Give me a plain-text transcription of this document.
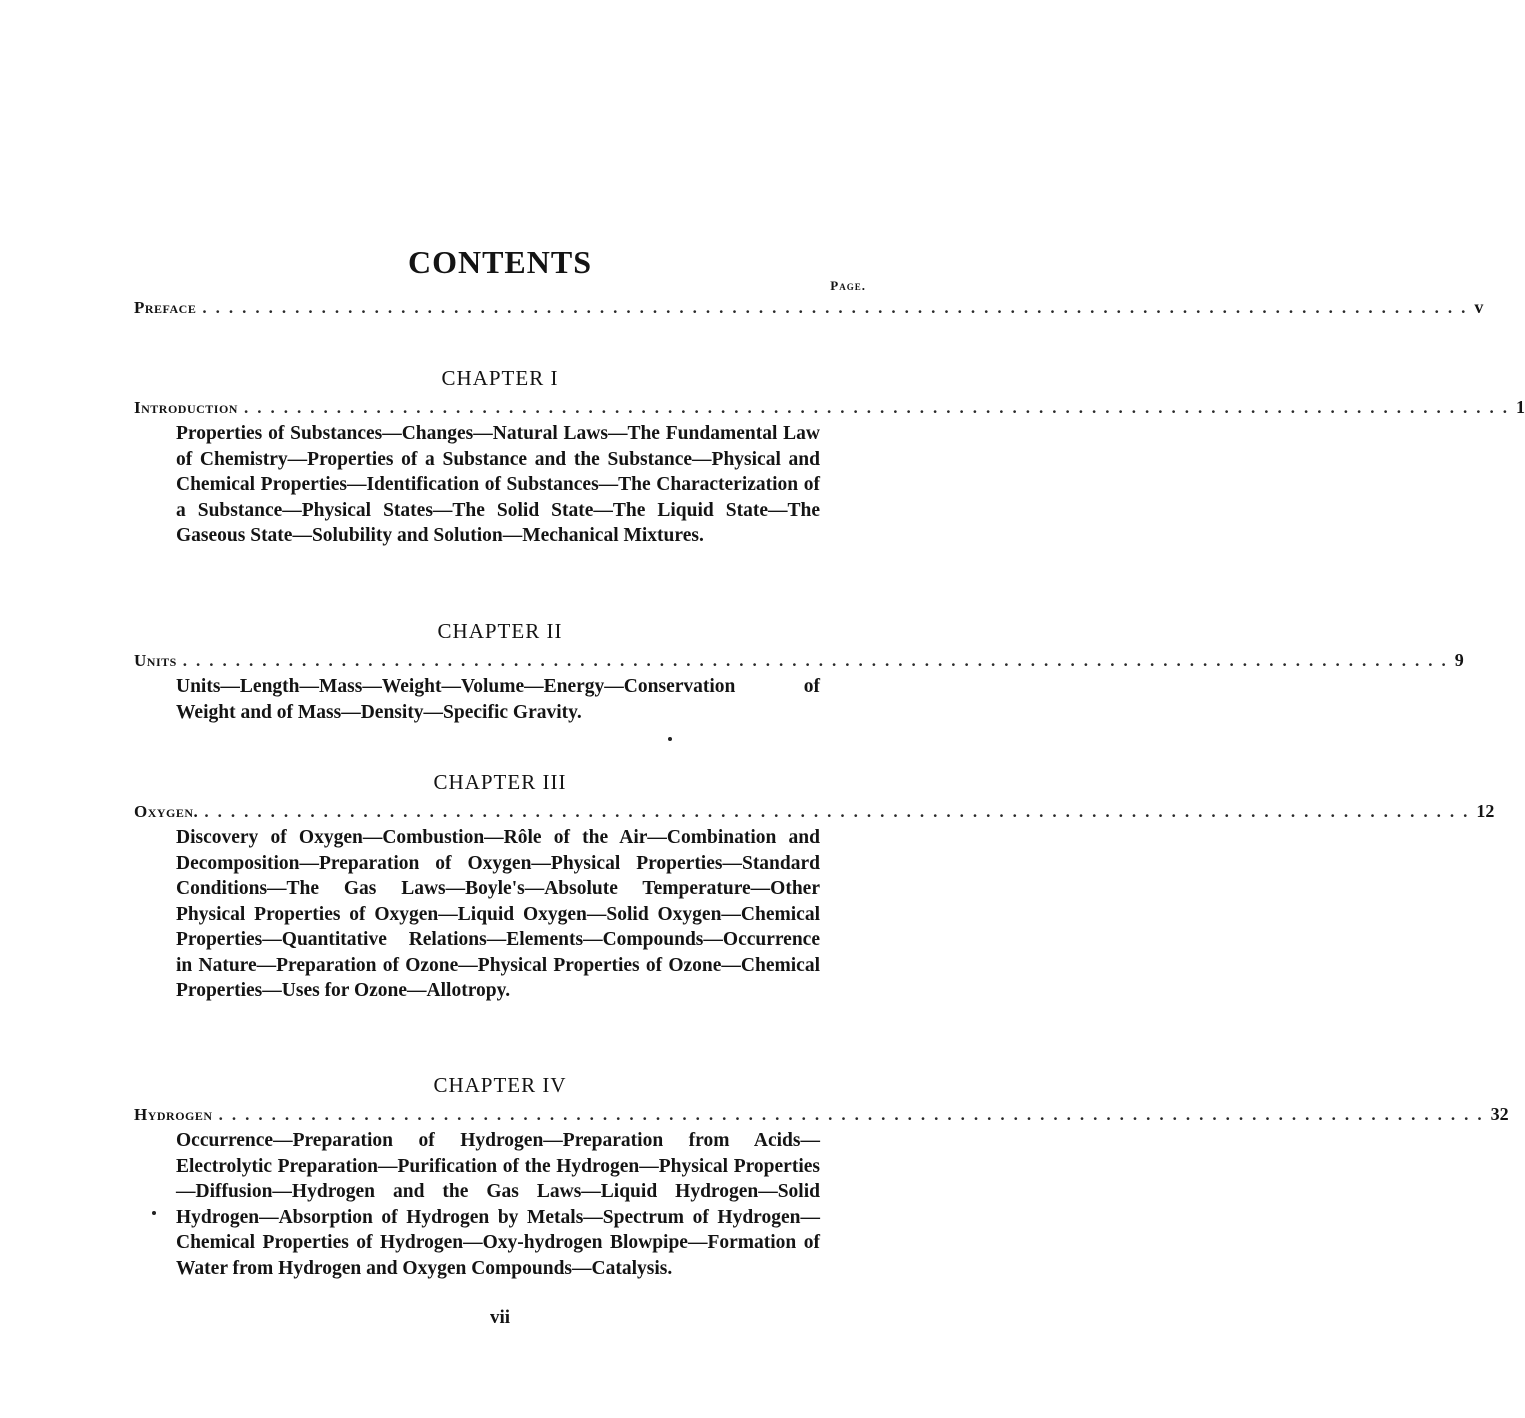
CONTENTS
Page.
Preface ................................................................................................ v
CHAPTER I
Introduction ................................................................................................ 1
Properties of Substances—Changes—Natural Laws—The Fundamental Law of Chemistry—Properties of a Substance and the Substance—Physical and Chemical Properties—Identification of Substances—The Characterization of a Substance—Physical States—The Solid State—The Liquid State—The Gaseous State—Solubility and Solution—Mechanical Mixtures.
CHAPTER II
Units ................................................................................................ 9
Units—Length—Mass—Weight—Volume—Energy—Conservation of Weight and of Mass—Density—Specific Gravity.
CHAPTER III
Oxygen. ................................................................................................ 12
Discovery of Oxygen—Combustion—Rôle of the Air—Combination and Decomposition—Preparation of Oxygen—Physical Properties—Standard Conditions—The Gas Laws—Boyle's—Absolute Temperature—Other Physical Properties of Oxygen—Liquid Oxygen—Solid Oxygen—Chemical Properties—Quantitative Relations—Elements—Compounds—Occurrence in Nature—Preparation of Ozone—Physical Properties of Ozone—Chemical Properties—Uses for Ozone—Allotropy.
CHAPTER IV
Hydrogen ................................................................................................ 32
Occurrence—Preparation of Hydrogen—Preparation from Acids—Electrolytic Preparation—Purification of the Hydrogen—Physical Properties—Diffusion—Hydrogen and the Gas Laws—Liquid Hydrogen—Solid Hydrogen—Absorption of Hydrogen by Metals—Spectrum of Hydrogen—Chemical Properties of Hydrogen—Oxy-hydrogen Blowpipe—Formation of Water from Hydrogen and Oxygen Compounds—Catalysis.
vii
